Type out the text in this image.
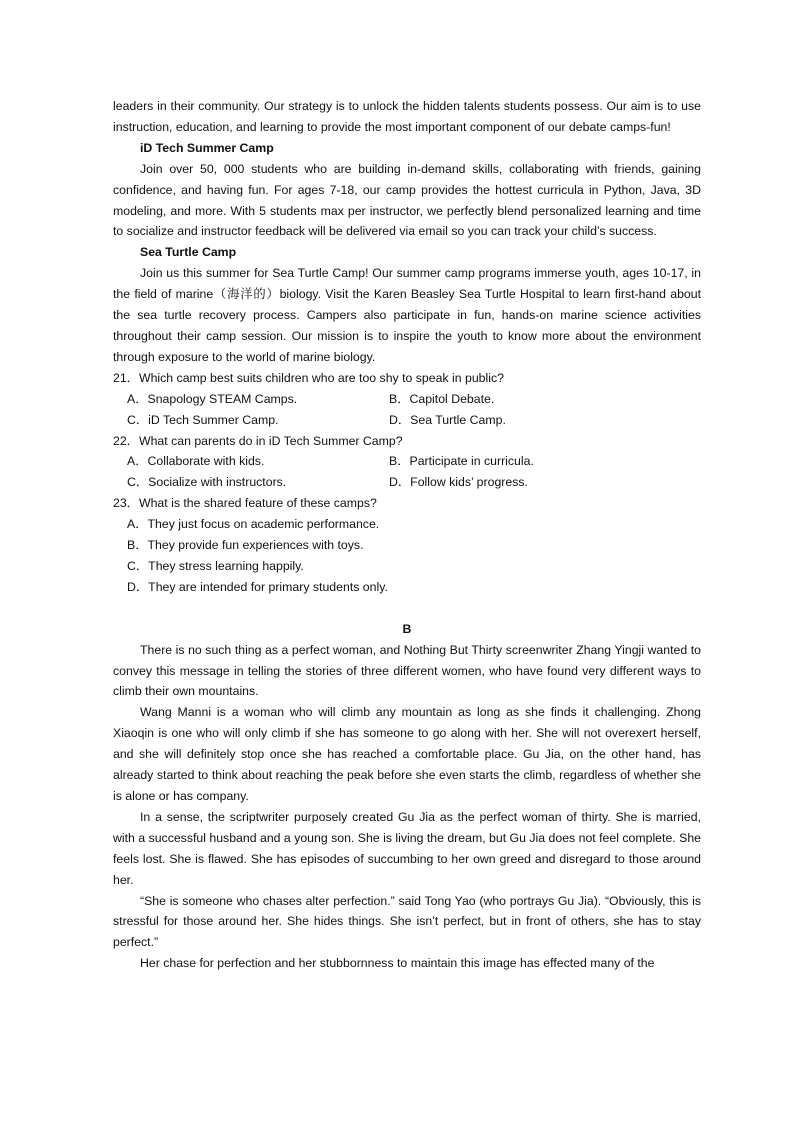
leaders in their community. Our strategy is to unlock the hidden talents students possess. Our aim is to use instruction, education, and learning to provide the most important component of our debate camps-fun!

iD Tech Summer Camp

Join over 50, 000 students who are building in-demand skills, collaborating with friends, gaining confidence, and having fun. For ages 7-18, our camp provides the hottest curricula in Python, Java, 3D modeling, and more. With 5 students max per instructor, we perfectly blend personalized learning and time to socialize and instructor feedback will be delivered via email so you can track your child’s success.

Sea Turtle Camp

Join us this summer for Sea Turtle Camp! Our summer camp programs immerse youth, ages 10-17, in the field of marine（海洋的）biology. Visit the Karen Beasley Sea Turtle Hospital to learn first-hand about the sea turtle recovery process. Campers also participate in fun, hands-on marine science activities throughout their camp session. Our mission is to inspire the youth to know more about the environment through exposure to the world of marine biology.

21．Which camp best suits children who are too shy to speak in public?

A．Snapology STEAM Camps.	B．Capitol Debate.
C．iD Tech Summer Camp.	D．Sea Turtle Camp.

22．What can parents do in iD Tech Summer Camp?

A．Collaborate with kids.	B．Participate in curricula.
C．Socialize with instructors.	D．Follow kids’ progress.

23．What is the shared feature of these camps?

A．They just focus on academic performance.
B．They provide fun experiences with toys.
C．They stress learning happily.
D．They are intended for primary students only.
B

There is no such thing as a perfect woman, and Nothing But Thirty screenwriter Zhang Yingji wanted to convey this message in telling the stories of three different women, who have found very different ways to climb their own mountains.

Wang Manni is a woman who will climb any mountain as long as she finds it challenging. Zhong Xiaoqin is one who will only climb if she has someone to go along with her. She will not overexert herself, and she will definitely stop once she has reached a comfortable place. Gu Jia, on the other hand, has already started to think about reaching the peak before she even starts the climb, regardless of whether she is alone or has company.

In a sense, the scriptwriter purposely created Gu Jia as the perfect woman of thirty. She is married, with a successful husband and a young son. She is living the dream, but Gu Jia does not feel complete. She feels lost. She is flawed. She has episodes of succumbing to her own greed and disregard to those around her.

“She is someone who chases alter perfection.” said Tong Yao (who portrays Gu Jia). “Obviously, this is stressful for those around her. She hides things. She isn’t perfect, but in front of others, she has to stay perfect.”

Her chase for perfection and her stubbornness to maintain this image has effected many of the
